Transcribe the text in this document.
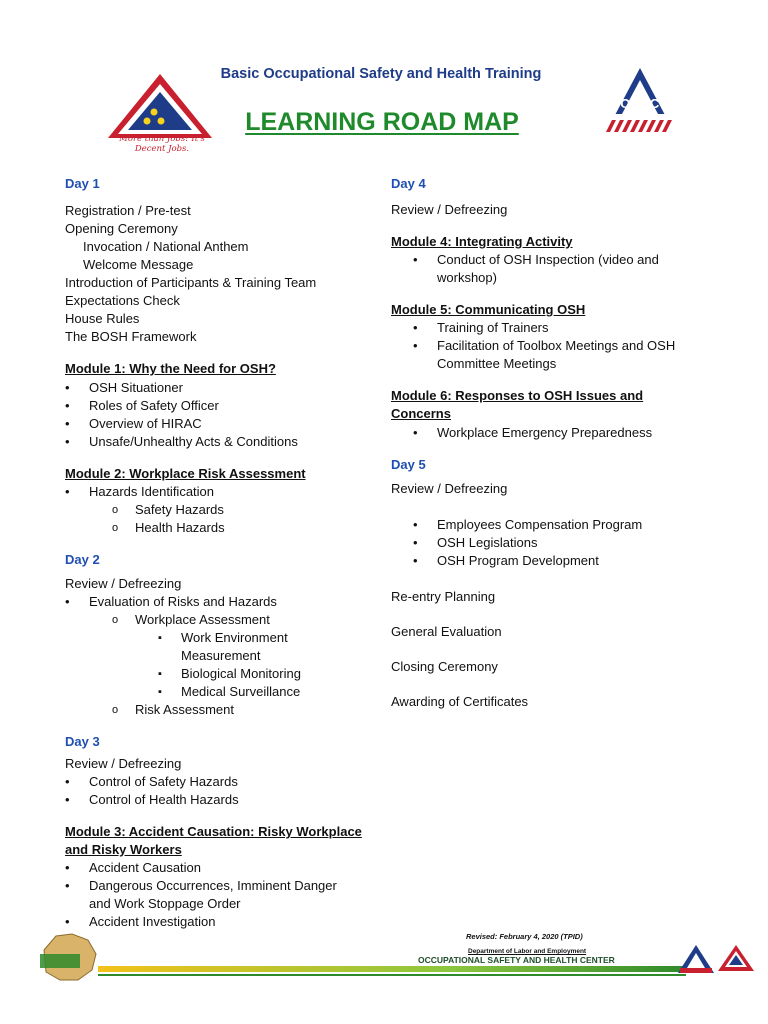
More than Jobs! It's Decent Jobs.
OSHC
Basic Occupational Safety and Health Training
LEARNING ROAD MAP
Day 1
Registration / Pre-test
Opening Ceremony
Invocation / National Anthem
Welcome Message
Introduction of Participants & Training Team
Expectations Check
House Rules
The BOSH Framework
Module 1: Why the Need for OSH?
• OSH Situationer
• Roles of Safety Officer
• Overview of HIRAC
• Unsafe/Unhealthy Acts & Conditions
Module 2: Workplace Risk Assessment
• Hazards Identification
o Safety Hazards
o Health Hazards
Day 2
Review / Defreezing
• Evaluation of Risks and Hazards
o Workplace Assessment
▪ Work Environment
Measurement
▪ Biological Monitoring
▪ Medical Surveillance
o Risk Assessment
Day 3
Review / Defreezing
• Control of Safety Hazards
• Control of Health Hazards
Module 3: Accident Causation: Risky Workplace
and Risky Workers
• Accident Causation
• Dangerous Occurrences, Imminent Danger
and Work Stoppage Order
• Accident Investigation
Day 4
Review / Defreezing
Module 4: Integrating Activity
• Conduct of OSH Inspection (video and
workshop)
Module 5: Communicating OSH
• Training of Trainers
• Facilitation of Toolbox Meetings and OSH
Committee Meetings
Module 6: Responses to OSH Issues and
Concerns
• Workplace Emergency Preparedness
Day 5
Review / Defreezing
• Employees Compensation Program
• OSH Legislations
• OSH Program Development
Re-entry Planning
General Evaluation
Closing Ceremony
Awarding of Certificates
Revised: February 4, 2020 (TPID)
Department of Labor and Employment
OCCUPATIONAL SAFETY AND HEALTH CENTER
